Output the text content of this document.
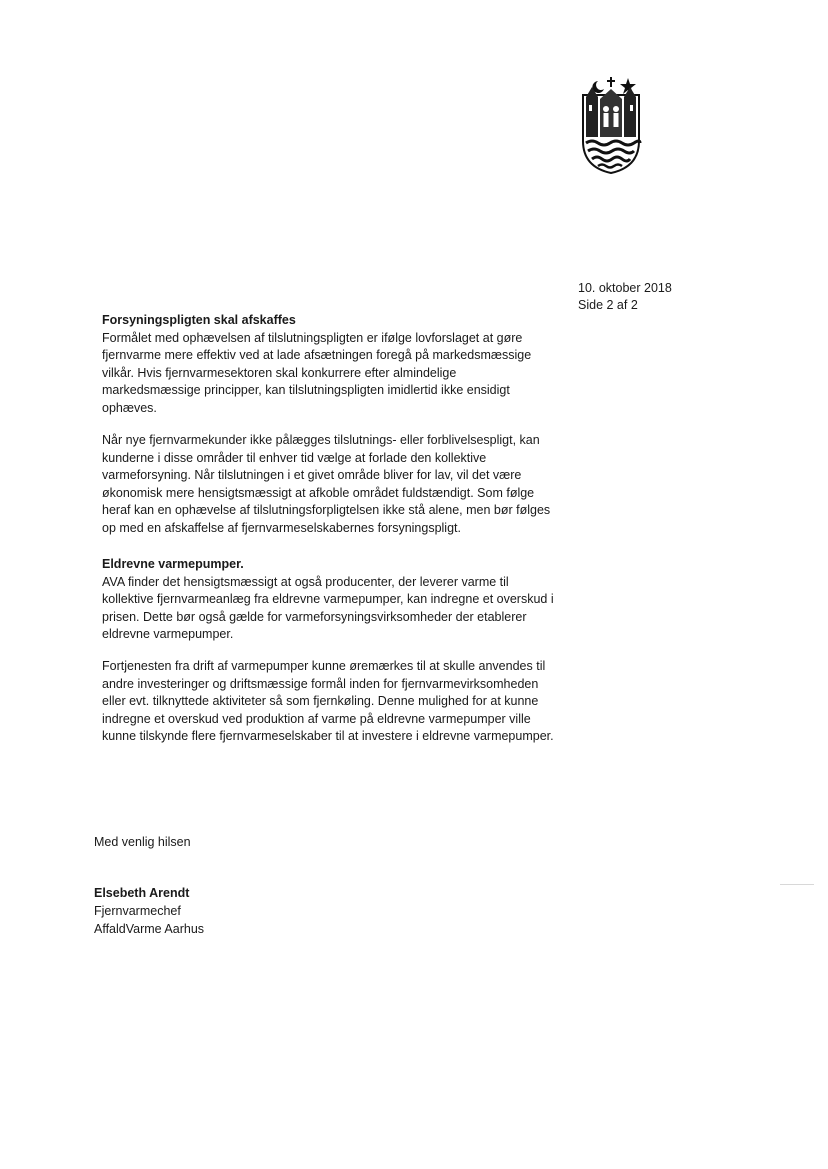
10. oktober 2018
Side 2 af 2
Forsyningspligten skal afskaffes

Formålet med ophævelsen af tilslutningspligten er ifølge lovforslaget at gøre fjernvarme mere effektiv ved at lade afsætningen foregå på markedsmæssige vilkår. Hvis fjernvarmesektoren skal konkurrere efter almindelige markedsmæssige principper, kan tilslutningspligten imidlertid ikke ensidigt ophæves.

Når nye fjernvarmekunder ikke pålægges tilslutnings- eller forblivelsespligt, kan kunderne i disse områder til enhver tid vælge at forlade den kollektive varmeforsyning. Når tilslutningen i et givet område bliver for lav, vil det være økonomisk mere hensigtsmæssigt at afkoble området fuldstændigt. Som følge heraf kan en ophævelse af tilslutningsforpligtelsen ikke stå alene, men bør følges op med en afskaffelse af fjernvarmeselskabernes forsyningspligt.

Eldrevne varmepumper.

AVA finder det hensigtsmæssigt at også producenter, der leverer varme til kollektive fjernvarmeanlæg fra eldrevne varmepumper, kan indregne et overskud i prisen. Dette bør også gælde for varmeforsyningsvirksomheder der etablerer eldrevne varmepumper.

Fortjenesten fra drift af varmepumper kunne øremærkes til at skulle anvendes til andre investeringer og driftsmæssige formål inden for fjernvarmevirksomheden eller evt. tilknyttede aktiviteter så som fjernkøling. Denne mulighed for at kunne indregne et overskud ved produktion af varme på eldrevne varmepumper ville kunne tilskynde flere fjernvarmeselskaber til at investere i eldrevne varmepumper.

Med venlig hilsen
Elsebeth Arendt
Fjernvarmechef
AffaldVarme Aarhus
